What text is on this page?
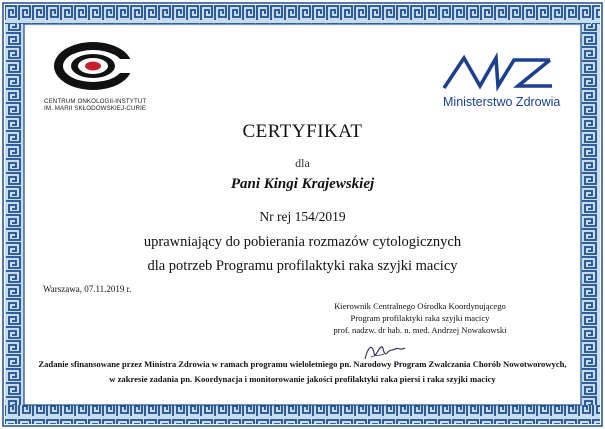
CENTRUM ONKOLOGII-INSTYTUT
IM. MARII SKŁODOWSKIEJ-CURIE	Ministerstwo Zdrowia
CERTYFIKAT
dla
Pani Kingi Krajewskiej
Nr rej 154/2019
uprawniający do pobierania rozmazów cytologicznych
dla potrzeb Programu profilaktyki raka szyjki macicy
Warszawa, 07.11.2019 r.
Kierownik Centralnego Ośrodka Koordynującego
Program profilaktyki raka szyjki macicy
prof. nadzw. dr hab. n. med. Andrzej Nowakowski
Zadanie sfinansowane przez Ministra Zdrowia w ramach programu wieloletniego pn. Narodowy Program Zwalczania Chorób Nowotworowych,
w zakresie zadania pn. Koordynacja i monitorowanie jakości profilaktyki raka piersi i raka szyjki macicy
